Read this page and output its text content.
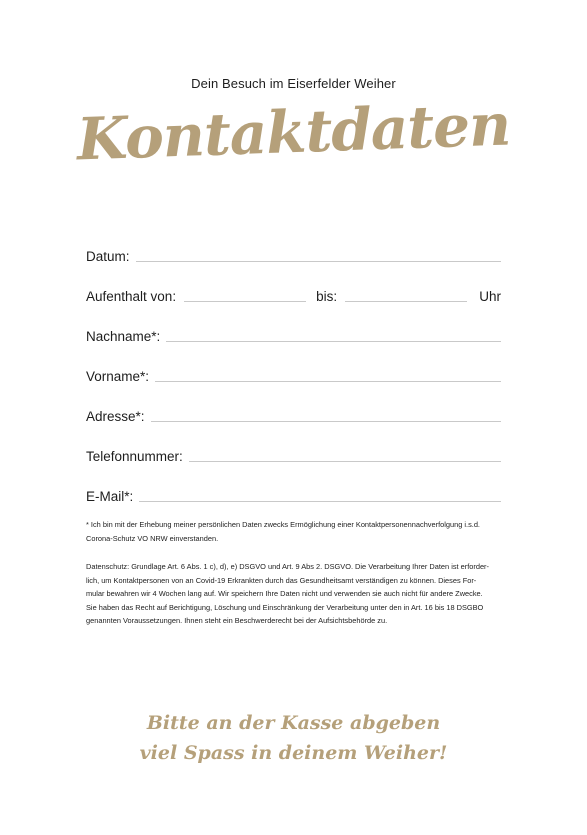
Dein Besuch im Eiserfelder Weiher
Kontaktdaten
Datum:
Aufenthalt von:	bis:	Uhr
Nachname*:
Vorname*:
Adresse*:
Telefonnummer:
E-Mail*:
* Ich bin mit der Erhebung meiner persönlichen Daten zwecks Ermöglichung einer Kontaktpersonennachverfolgung i.s.d.
Corona-Schutz VO NRW einverstanden.
Datenschutz: Grundlage Art. 6 Abs. 1 c), d), e) DSGVO und Art. 9 Abs 2. DSGVO. Die Verarbeitung Ihrer Daten ist erforder-
lich, um Kontaktpersonen von an Covid-19 Erkrankten durch das Gesundheitsamt verständigen zu können. Dieses For-
mular bewahren wir 4 Wochen lang auf. Wir speichern Ihre Daten nicht und verwenden sie auch nicht für andere Zwecke.
Sie haben das Recht auf Berichtigung, Löschung und Einschränkung der Verarbeitung unter den in Art. 16 bis 18 DSGBO
genannten Voraussetzungen. Ihnen steht ein Beschwerderecht bei der Aufsichtsbehörde zu.
Bitte an der Kasse abgeben
viel Spass in deinem Weiher!
